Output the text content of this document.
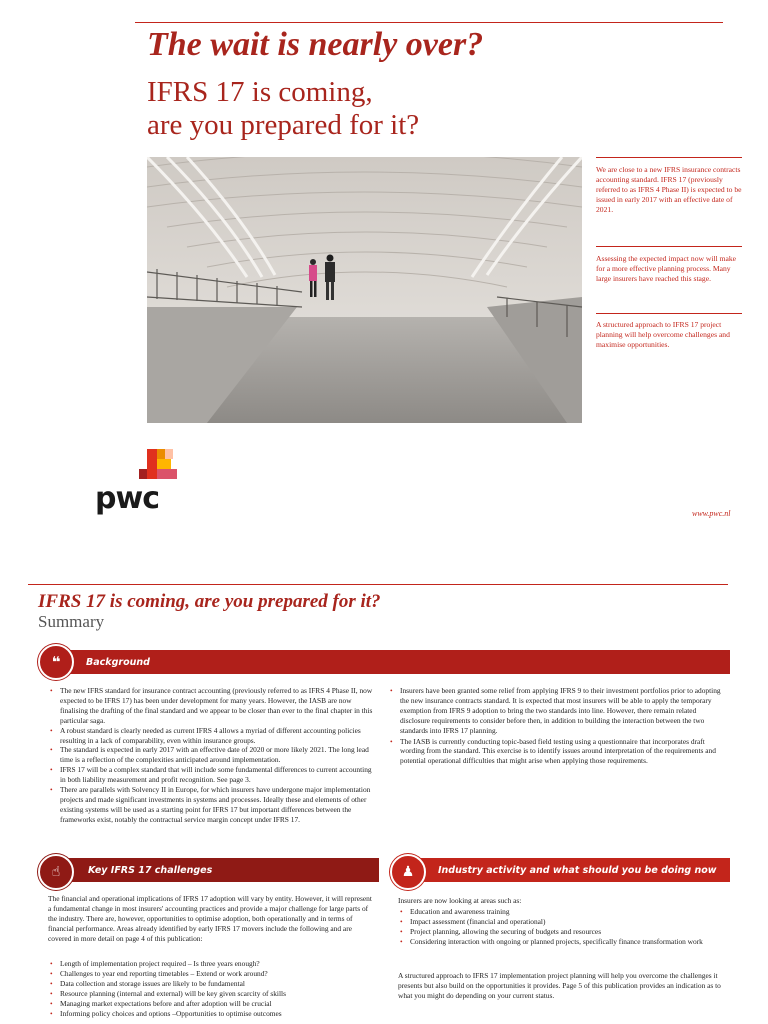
The wait is nearly over?
IFRS 17 is coming,
are you prepared for it?
We are close to a new IFRS insurance contracts accounting standard. IFRS 17 (previously referred to as IFRS 4 Phase II) is expected to be issued in early 2017 with an effective date of 2021.
Assessing the expected impact now will make for a more effective planning process. Many large insurers have reached this stage.
A structured approach to IFRS 17 project planning will help overcome challenges and maximise opportunities.
pwc	www.pwc.nl
IFRS 17 is coming, are you prepared for it?
Summary
❝	Background
• The new IFRS standard for insurance contract accounting (previously referred to as IFRS 4 Phase II, now expected to be IFRS 17) has been under development for many years. However, the IASB are now finalising the drafting of the final standard and we appear to be closer than ever to the final chapter in this particular saga.
• A robust standard is clearly needed as current IFRS 4 allows a myriad of different accounting policies resulting in a lack of comparability, even within insurance groups.
• The standard is expected in early 2017 with an effective date of 2020 or more likely 2021. The long lead time is a reflection of the complexities anticipated around implementation.
• IFRS 17 will be a complex standard that will include some fundamental differences to current accounting in both liability measurement and profit recognition. See page 3.
• There are parallels with Solvency II in Europe, for which insurers have undergone major implementation projects and made significant investments in systems and processes. Ideally these and elements of other existing systems will be used as a starting point for IFRS 17 but important differences between the frameworks exist, notably the contractual service margin concept under IFRS 17.
• Insurers have been granted some relief from applying IFRS 9 to their investment portfolios prior to adopting the new insurance contracts standard. It is expected that most insurers will be able to apply the temporary exemption from IFRS 9 adoption to bring the two standards into line. However, there remain related disclosure requirements to consider before then, in addition to building the interaction between the two standards into IFRS 17 planning.
• The IASB is currently conducting topic-based field testing using a questionnaire that incorporates draft wording from the standard. This exercise is to identify issues around interpretation of the requirements and potential operational difficulties that might arise when applying those requirements.
☝	Key IFRS 17 challenges
The financial and operational implications of IFRS 17 adoption will vary by entity. However, it will represent a fundamental change in most insurers' accounting practices and provide a major challenge for large parts of the industry. There are, however, opportunities to optimise adoption, both operationally and in terms of financial performance. Areas already identified by early IFRS 17 movers include the following and are covered in more detail on page 4 of this publication:
• Length of implementation project required – Is three years enough?
• Challenges to year end reporting timetables – Extend or work around?
• Data collection and storage issues are likely to be fundamental
• Resource planning (internal and external) will be key given scarcity of skills
• Managing market expectations before and after adoption will be crucial
• Informing policy choices and options –Opportunities to optimise outcomes
♟	Industry activity and what should you be doing now
Insurers are now looking at areas such as:
• Education and awareness training
• Impact assessment (financial and operational)
• Project planning, allowing the securing of budgets and resources
• Considering interaction with ongoing or planned projects, specifically finance transformation work
A structured approach to IFRS 17 implementation project planning will help you overcome the challenges it presents but also build on the opportunities it provides. Page 5 of this publication provides an indication as to what you might do depending on your current status.
